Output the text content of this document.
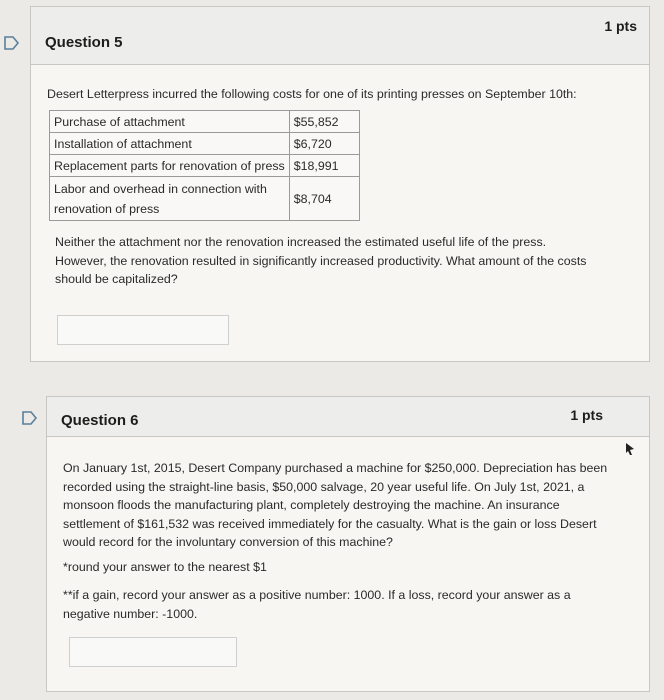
Question 5
1 pts
Desert Letterpress incurred the following costs for one of its printing presses on September 10th:
Purchase of attachment	$55,852
Installation of attachment	$6,720
Replacement parts for renovation of press	$18,991
Labor and overhead in connection with
renovation of press	$8,704
Neither the attachment nor the renovation increased the estimated useful life of the press.
However, the renovation resulted in significantly increased productivity. What amount of the costs
should be capitalized?
Question 6	1 pts
On January 1st, 2015, Desert Company purchased a machine for $250,000. Depreciation has been
recorded using the straight-line basis, $50,000 salvage, 20 year useful life. On July 1st, 2021, a
monsoon floods the manufacturing plant, completely destroying the machine. An insurance
settlement of $161,532 was received immediately for the casualty. What is the gain or loss Desert
would record for the involuntary conversion of this machine?
*round your answer to the nearest $1
**if a gain, record your answer as a positive number: 1000. If a loss, record your answer as a
negative number: -1000.
